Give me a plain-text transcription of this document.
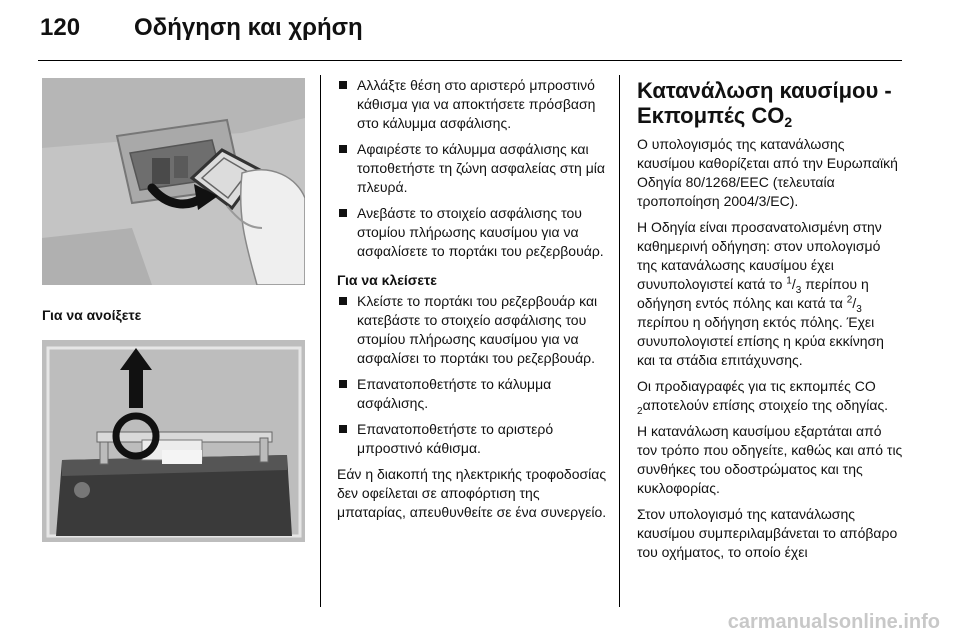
120 Οδήγηση και χρήση
Για να ανοίξετε
Αλλάξτε θέση στο αριστερό μπροστινό κάθισμα για να αποκτήσετε πρόσβαση στο κάλυμμα ασφάλισης.
Αφαιρέστε το κάλυμμα ασφάλισης και τοποθετήστε τη ζώνη ασφαλείας στη μία πλευρά.
Ανεβάστε το στοιχείο ασφάλισης του στομίου πλήρωσης καυσίμου για να ασφαλίσετε το πορτάκι του ρεζερβουάρ.
Για να κλείσετε
Κλείστε το πορτάκι του ρεζερβουάρ και κατεβάστε το στοιχείο ασφάλισης του στομίου πλήρωσης καυσίμου για να ασφαλίσει το πορτάκι του ρεζερβουάρ.
Επανατοποθετήστε το κάλυμμα ασφάλισης.
Επανατοποθετήστε το αριστερό μπροστινό κάθισμα.
Εάν η διακοπή της ηλεκτρικής τροφοδοσίας δεν οφείλεται σε αποφόρτιση της μπαταρίας, απευθυνθείτε σε ένα συνεργείο.
Κατανάλωση καυσίμου -
Εκπομπές $CO_2$
Ο υπολογισμός της κατανάλωσης καυσίμου καθορίζεται από την Ευρωπαϊκή Οδηγία 80/1268/EEC (τελευταία τροποποίηση 2004/3/EC).
Η Οδηγία είναι προσανατολισμένη στην καθημερινή οδήγηση: στον υπολογισμό της κατανάλωσης καυσίμου έχει συνυπολογιστεί κατά το $^1/_3$ περίπου η οδήγηση εντός πόλης και κατά τα $^2/_3$ περίπου η οδήγηση εκτός πόλης. Έχει συνυπολογιστεί επίσης η κρύα εκκίνηση και τα στάδια επιτάχυνσης.
Οι προδιαγραφές για τις εκπομπές CO $_2$αποτελούν επίσης στοιχείο της οδηγίας.
Η κατανάλωση καυσίμου εξαρτάται από τον τρόπο που οδηγείτε, καθώς και από τις συνθήκες του οδοστρώματος και της κυκλοφορίας.
Στον υπολογισμό της κατανάλωσης καυσίμου συμπεριλαμβάνεται το απόβαρο του οχήματος, το οποίο έχει
carmanualsonline.info
